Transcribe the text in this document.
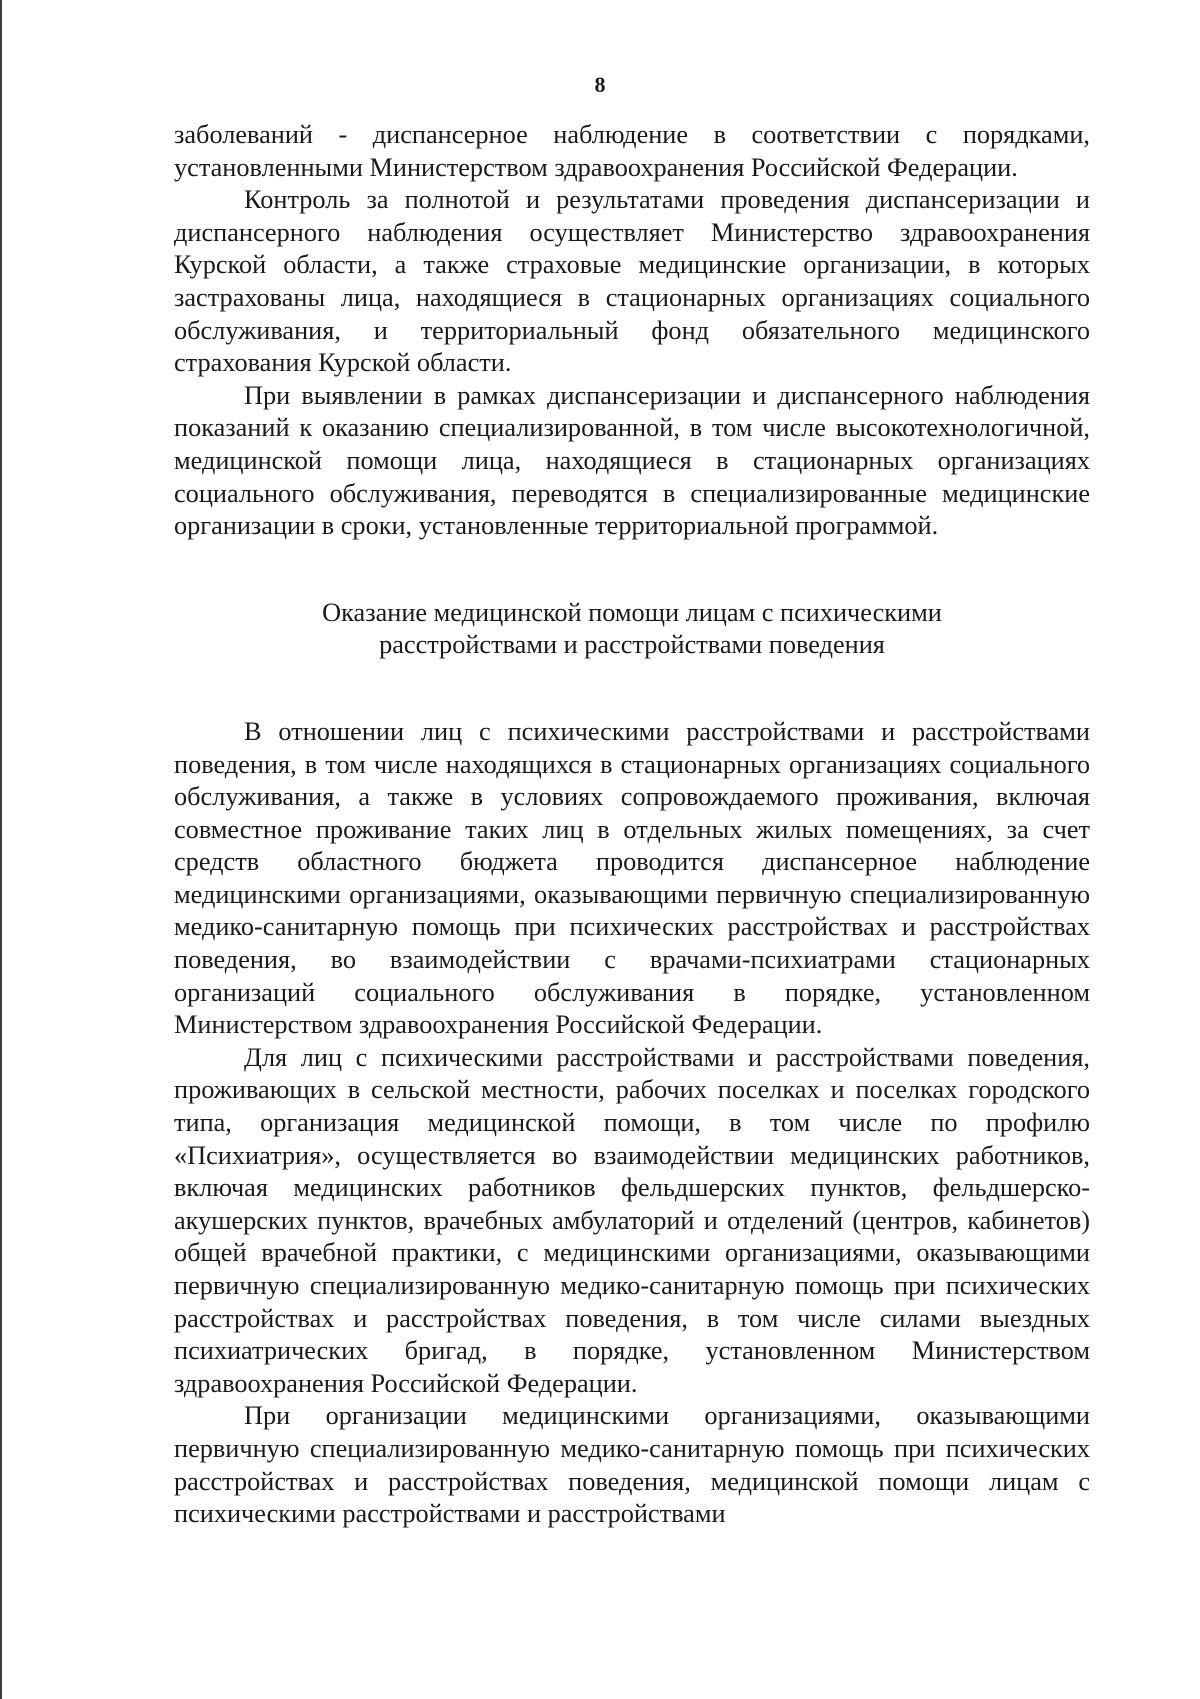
8

заболеваний - диспансерное наблюдение в соответствии с порядками, установленными Министерством здравоохранения Российской Федерации.

Контроль за полнотой и результатами проведения диспансеризации и диспансерного наблюдения осуществляет Министерство здравоохранения Курской области, а также страховые медицинские организации, в которых застрахованы лица, находящиеся в стационарных организациях социального обслуживания, и территориальный фонд обязательного медицинского страхования Курской области.

При выявлении в рамках диспансеризации и диспансерного наблюдения показаний к оказанию специализированной, в том числе высокотехнологичной, медицинской помощи лица, находящиеся в стационарных организациях социального обслуживания, переводятся в специализированные медицинские организации в сроки, установленные территориальной программой.

Оказание медицинской помощи лицам с психическими
расстройствами и расстройствами поведения

В отношении лиц с психическими расстройствами и расстройствами поведения, в том числе находящихся в стационарных организациях социального обслуживания, а также в условиях сопровождаемого проживания, включая совместное проживание таких лиц в отдельных жилых помещениях, за счет средств областного бюджета проводится диспансерное наблюдение медицинскими организациями, оказывающими первичную специализированную медико-санитарную помощь при психических расстройствах и расстройствах поведения, во взаимодействии с врачами-психиатрами стационарных организаций социального обслуживания в порядке, установленном Министерством здравоохранения Российской Федерации.

Для лиц с психическими расстройствами и расстройствами поведения, проживающих в сельской местности, рабочих поселках и поселках городского типа, организация медицинской помощи, в том числе по профилю «Психиатрия», осуществляется во взаимодействии медицинских работников, включая медицинских работников фельдшерских пунктов, фельдшерско-акушерских пунктов, врачебных амбулаторий и отделений (центров, кабинетов) общей врачебной практики, с медицинскими организациями, оказывающими первичную специализированную медико-санитарную помощь при психических расстройствах и расстройствах поведения, в том числе силами выездных психиатрических бригад, в порядке, установленном Министерством здравоохранения Российской Федерации.

При организации медицинскими организациями, оказывающими первичную специализированную медико-санитарную помощь при психических расстройствах и расстройствах поведения, медицинской помощи лицам с психическими расстройствами и расстройствами
